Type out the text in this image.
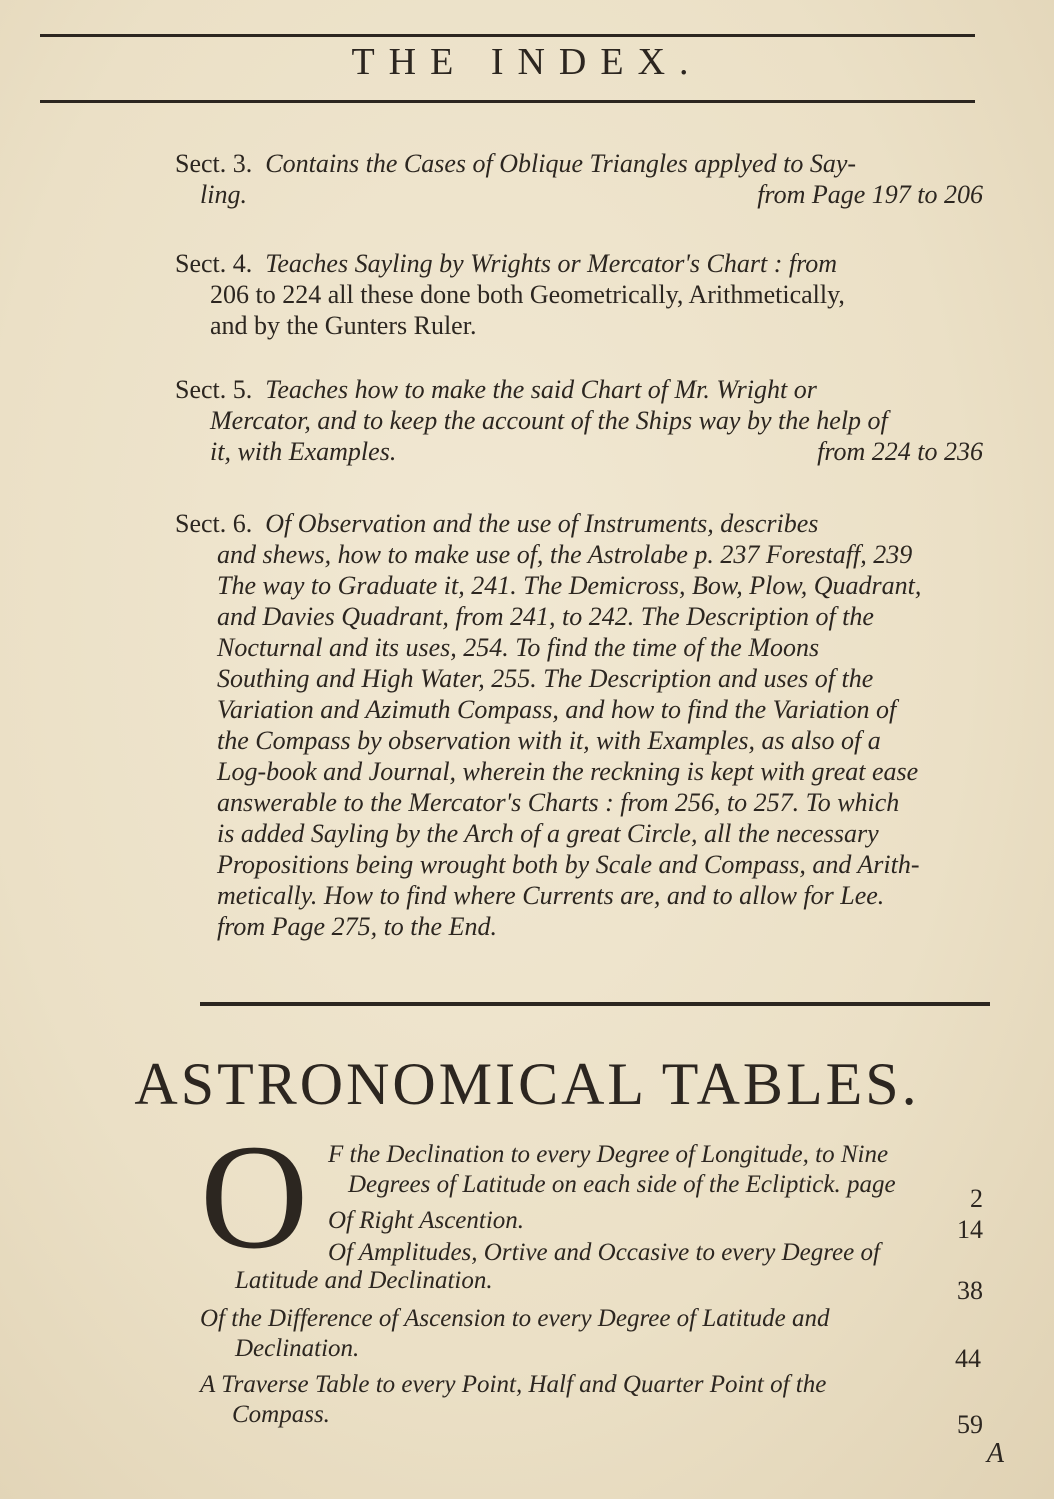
THE INDEX.
Sect. 3. Contains the Cases of Oblique Triangles applyed to Say-
ling.	from Page 197 to 206
Sect. 4. Teaches Sayling by Wrights or Mercator's Chart : from
206 to 224 all these done both Geometrically, Arithmetically,
and by the Gunters Ruler.
Sect. 5. Teaches how to make the said Chart of Mr. Wright or
Mercator, and to keep the account of the Ships way by the help of
it, with Examples.	from 224 to 236
Sect. 6. Of Observation and the use of Instruments, describes
and shews, how to make use of, the Astrolabe p. 237 Forestaff, 239
The way to Graduate it, 241. The Demicross, Bow, Plow, Quadrant,
and Davies Quadrant, from 241, to 242. The Description of the
Nocturnal and its uses, 254. To find the time of the Moons
Southing and High Water, 255. The Description and uses of the
Variation and Azimuth Compass, and how to find the Variation of
the Compass by observation with it, with Examples, as also of a
Log-book and Journal, wherein the reckning is kept with great ease
answerable to the Mercator's Charts : from 256, to 257. To which
is added Sayling by the Arch of a great Circle, all the necessary
Propositions being wrought both by Scale and Compass, and Arith-
metically. How to find where Currents are, and to allow for Lee.
from Page 275, to the End.
ASTRONOMICAL TABLES.
O F the Declination to every Degree of Longitude, to Nine
Degrees of Latitude on each side of the Ecliptick. page	2
Of Right Ascention.	14
Of Amplitudes, Ortive and Occasive to every Degree of
Latitude and Declination.	38
Of the Difference of Ascension to every Degree of Latitude and
Declination.	44
A Traverse Table to every Point, Half and Quarter Point of the
Compass.	59
A
